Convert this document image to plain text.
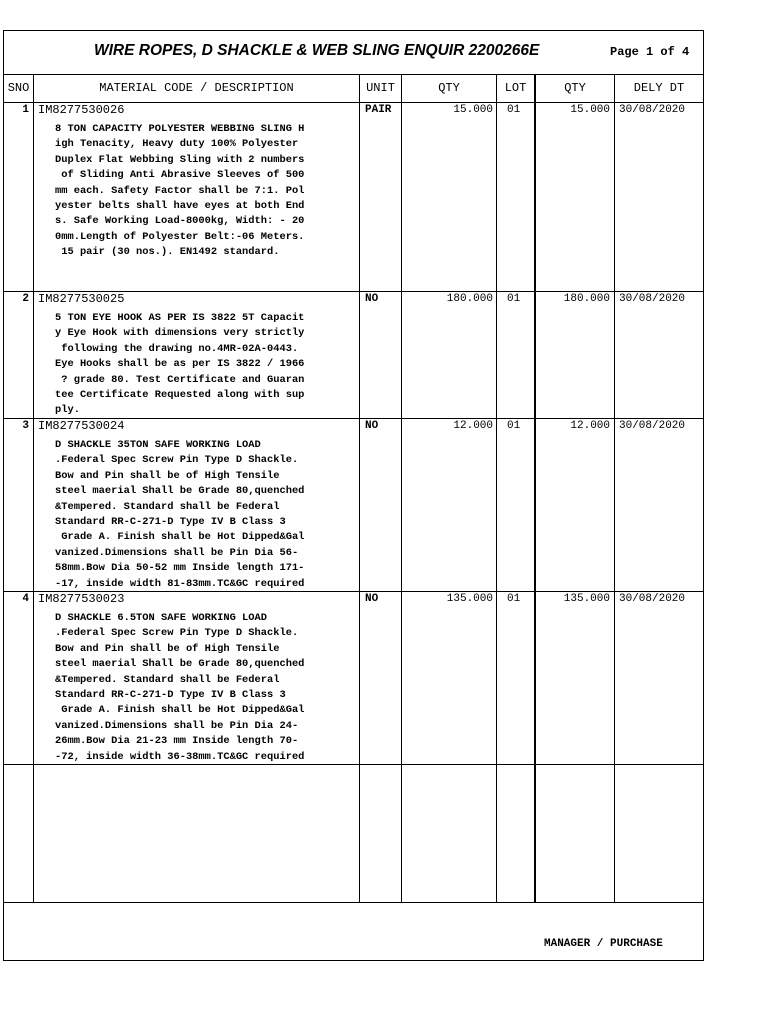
WIRE ROPES, D SHACKLE & WEB SLING ENQUIR 2200266E	Page 1 of 4
SNO	MATERIAL CODE / DESCRIPTION	UNIT	QTY	LOT	QTY	DELY DT
1 IM8277530026	PAIR	15.000 01	15.000 30/08/2020
8 TON CAPACITY POLYESTER WEBBING SLING H
igh Tenacity, Heavy duty 100% Polyester
Duplex Flat Webbing Sling with 2 numbers
of Sliding Anti Abrasive Sleeves of 500
mm each. Safety Factor shall be 7:1. Pol
yester belts shall have eyes at both End
s. Safe Working Load-8000kg, Width: - 20
0mm.Length of Polyester Belt:-06 Meters.
15 pair (30 nos.). EN1492 standard.
2 IM8277530025	NO	180.000 01	180.000 30/08/2020
5 TON EYE HOOK AS PER IS 3822 5T Capacit
y Eye Hook with dimensions very strictly
following the drawing no.4MR-02A-0443.
Eye Hooks shall be as per IS 3822 / 1966
? grade 80. Test Certificate and Guaran
tee Certificate Requested along with sup
ply.
3 IM8277530024	NO	12.000 01	12.000 30/08/2020
D SHACKLE 35TON SAFE WORKING LOAD
.Federal Spec Screw Pin Type D Shackle.
Bow and Pin shall be of High Tensile
steel maerial Shall be Grade 80,quenched
&Tempered. Standard shall be Federal
Standard RR-C-271-D Type IV B Class 3
Grade A. Finish shall be Hot Dipped&Gal
vanized.Dimensions shall be Pin Dia 56-
58mm.Bow Dia 50-52 mm Inside length 171-
-17, inside width 81-83mm.TC&GC required
4 IM8277530023	NO	135.000 01	135.000 30/08/2020
D SHACKLE 6.5TON SAFE WORKING LOAD
.Federal Spec Screw Pin Type D Shackle.
Bow and Pin shall be of High Tensile
steel maerial Shall be Grade 80,quenched
&Tempered. Standard shall be Federal
Standard RR-C-271-D Type IV B Class 3
Grade A. Finish shall be Hot Dipped&Gal
vanized.Dimensions shall be Pin Dia 24-
26mm.Bow Dia 21-23 mm Inside length 70-
-72, inside width 36-38mm.TC&GC required
MANAGER / PURCHASE
